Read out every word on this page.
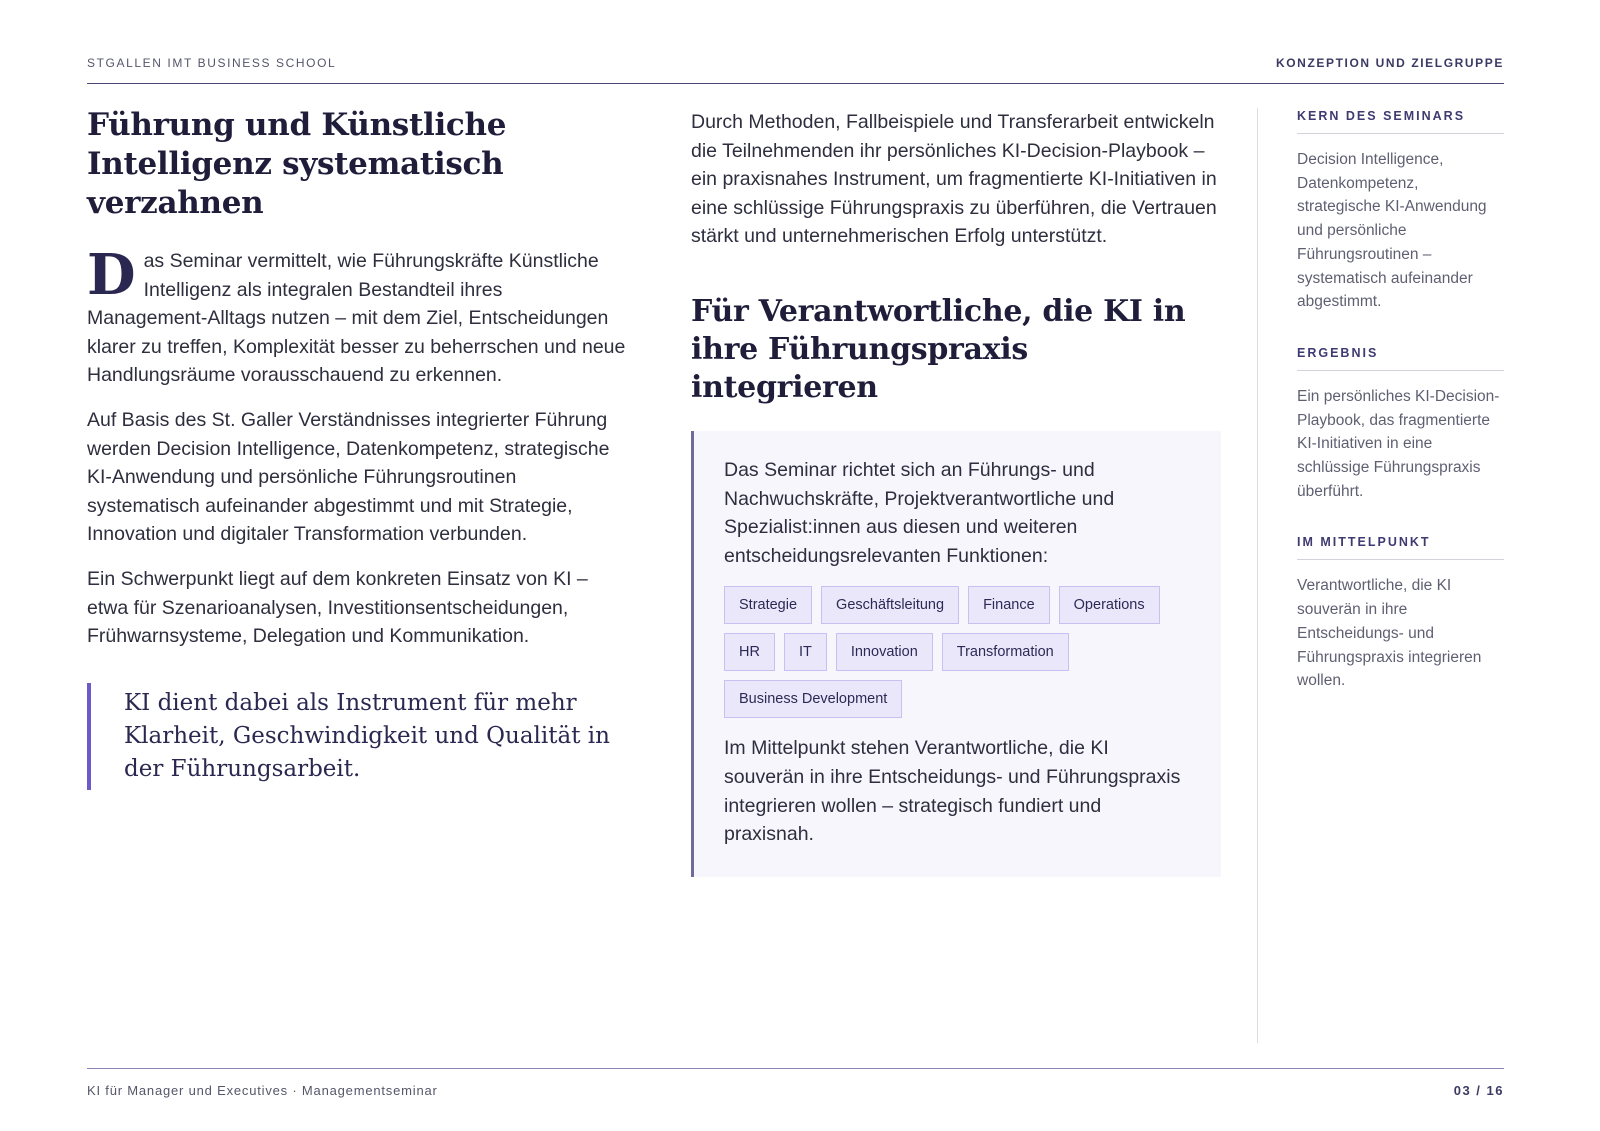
STGALLEN IMT BUSINESS SCHOOL	KONZEPTION UND ZIELGRUPPE
Führung und Künstliche Intelligenz systematisch verzahnen

Das Seminar vermittelt, wie Führungskräfte Künstliche Intelligenz als integralen Bestandteil ihres Management-Alltags nutzen – mit dem Ziel, Entscheidungen klarer zu treffen, Komplexität besser zu beherrschen und neue Handlungsräume vorausschauend zu erkennen.

Auf Basis des St. Galler Verständnisses integrierter Führung werden Decision Intelligence, Datenkompetenz, strategische KI-Anwendung und persönliche Führungsroutinen systematisch aufeinander abgestimmt und mit Strategie, Innovation und digitaler Transformation verbunden.

Ein Schwerpunkt liegt auf dem konkreten Einsatz von KI – etwa für Szenarioanalysen, Investitionsentscheidungen, Frühwarnsysteme, Delegation und Kommunikation.

KI dient dabei als Instrument für mehr Klarheit, Geschwindigkeit und Qualität in der Führungsarbeit.

Durch Methoden, Fallbeispiele und Transferarbeit entwickeln die Teilnehmenden ihr persönliches KI-Decision-Playbook – ein praxisnahes Instrument, um fragmentierte KI-Initiativen in eine schlüssige Führungspraxis zu überführen, die Vertrauen stärkt und unternehmerischen Erfolg unterstützt.

Für Verantwortliche, die KI in ihre Führungspraxis integrieren

Das Seminar richtet sich an Führungs- und Nachwuchskräfte, Projektverantwortliche und Spezialist:innen aus diesen und weiteren entscheidungsrelevanten Funktionen:

Strategie	Geschäftsleitung	Finance	Operations
HR	IT	Innovation	Transformation
Business Development

Im Mittelpunkt stehen Verantwortliche, die KI souverän in ihre Entscheidungs- und Führungspraxis integrieren wollen – strategisch fundiert und praxisnah.

KERN DES SEMINARS
Decision Intelligence, Datenkompetenz, strategische KI-Anwendung und persönliche Führungsroutinen – systematisch aufeinander abgestimmt.
ERGEBNIS
Ein persönliches KI-Decision-Playbook, das fragmentierte KI-Initiativen in eine schlüssige Führungspraxis überführt.
IM MITTELPUNKT
Verantwortliche, die KI souverän in ihre Entscheidungs- und Führungspraxis integrieren wollen.
KI für Manager und Executives · Managementseminar	03 / 16
